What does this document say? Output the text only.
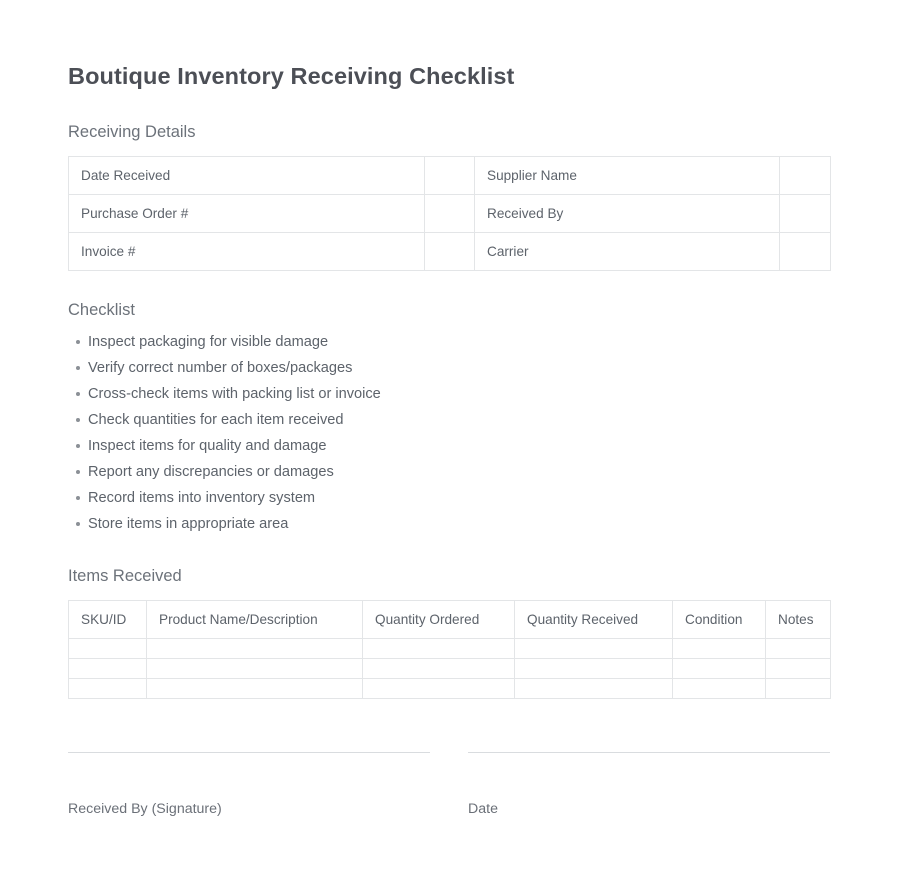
Boutique Inventory Receiving Checklist
Receiving Details
Date Received		Supplier Name	
Purchase Order #		Received By	
Invoice #		Carrier	
Checklist
Inspect packaging for visible damage
Verify correct number of boxes/packages
Cross-check items with packing list or invoice
Check quantities for each item received
Inspect items for quality and damage
Report any discrepancies or damages
Record items into inventory system
Store items in appropriate area
Items Received
SKU/ID	Product Name/Description	Quantity Ordered	Quantity Received	Condition	Notes

Received By (Signature)	Date
